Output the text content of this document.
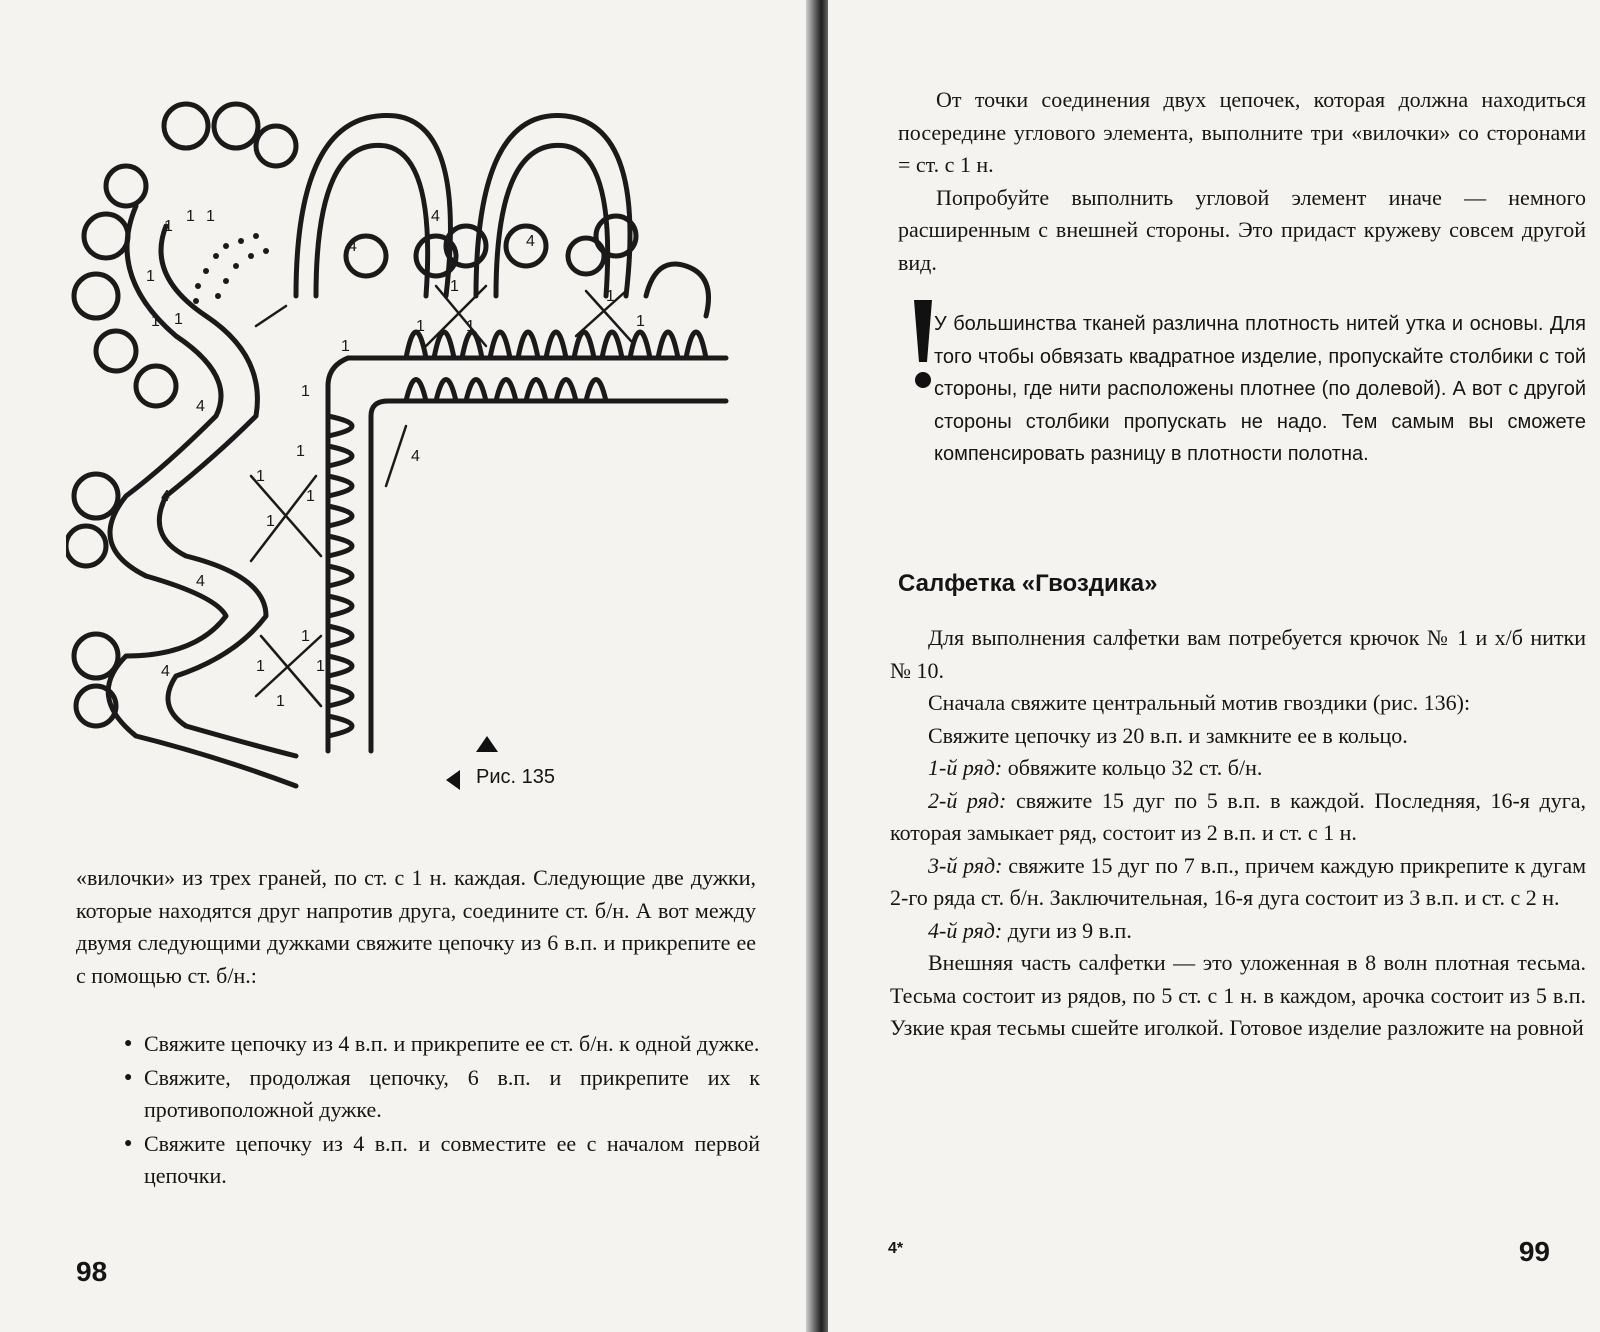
1
1 1
1
1 1
4
4	4
1
1	1
1
1
1
1
4
4
1
1
1
4
1
4
1
1	1
4
1
Рис. 135

«вилочки» из трех граней, по ст. с 1 н. каждая. Следующие две дужки, которые находятся друг напротив друга, соедините ст. б/н. А вот между двумя следующими дужками свяжите цепочку из 6 в.п. и прикрепите ее с помощью ст. б/н.:

● Свяжите цепочку из 4 в.п. и прикрепите ее ст. б/н. к одной дужке.
● Свяжите, продолжая цепочку, 6 в.п. и прикрепите их к противоположной дужке.
● Свяжите цепочку из 4 в.п. и совместите ее с началом первой цепочки.
98

От точки соединения двух цепочек, которая должна находиться посередине углового элемента, выполните три «вилочки» со сторонами = ст. с 1 н.

Попробуйте выполнить угловой элемент иначе — немного расширенным с внешней стороны. Это придаст кружеву совсем другой вид.

У большинства тканей различна плотность нитей утка и основы. Для того чтобы обвязать квадратное изделие, пропускайте столбики с той стороны, где нити расположены плотнее (по долевой). А вот с другой стороны столбики пропускать не надо. Тем самым вы сможете компенсировать разницу в плотности полотна.
Салфетка «Гвоздика»

Для выполнения салфетки вам потребуется крючок № 1 и х/б нитки № 10.

Сначала свяжите центральный мотив гвоздики (рис. 136):

Свяжите цепочку из 20 в.п. и замкните ее в кольцо.

1-й ряд: обвяжите кольцо 32 ст. б/н.

2-й ряд: свяжите 15 дуг по 5 в.п. в каждой. Последняя, 16-я дуга, которая замыкает ряд, состоит из 2 в.п. и ст. с 1 н.

3-й ряд: свяжите 15 дуг по 7 в.п., причем каждую прикрепите к дугам 2-го ряда ст. б/н. Заключительная, 16-я дуга состоит из 3 в.п. и ст. с 2 н.

4-й ряд: дуги из 9 в.п.

Внешняя часть салфетки — это уложенная в 8 волн плотная тесьма. Тесьма состоит из рядов, по 5 ст. с 1 н. в каждом, арочка состоит из 5 в.п. Узкие края тесьмы сшейте иголкой. Готовое изделие разложите на ровной

4*	99
